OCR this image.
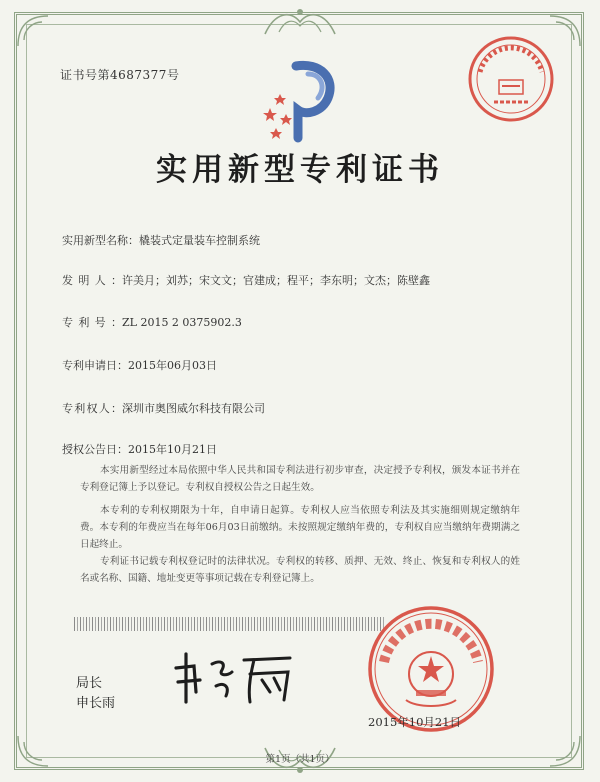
证书号第4687377号
实用新型专利证书
实用新型名称：橇装式定量装车控制系统
发明人：许美月；刘苏；宋文文；官建成；程平；李东明；文杰；陈壁鑫
专利号：ZL 2015 2 0375902.3
专利申请日：2015年06月03日
专利权人：深圳市奥图威尔科技有限公司
授权公告日：2015年10月21日
本实用新型经过本局依照中华人民共和国专利法进行初步审查，决定授予专利权，颁发本证书并在专利登记簿上予以登记。专利权自授权公告之日起生效。
本专利的专利权期限为十年，自申请日起算。专利权人应当依照专利法及其实施细则规定缴纳年费。本专利的年费应当在每年06月03日前缴纳。未按照规定缴纳年费的，专利权自应当缴纳年费期满之日起终止。
专利证书记载专利权登记时的法律状况。专利权的转移、质押、无效、终止、恢复和专利权人的姓名或名称、国籍、地址变更等事项记载在专利登记簿上。
局长
申长雨
2015年10月21日
第1页（共1页）
